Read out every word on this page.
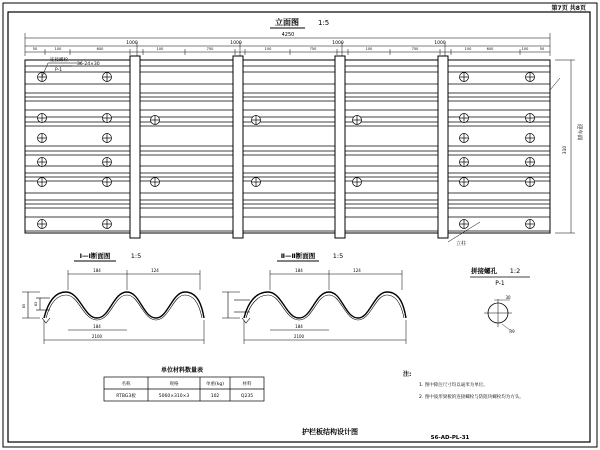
第7页 共8页
立面图	1:5
4250
1000	1000	1000	1000
50	100	600	100	750	100	750	100	750	100	600	100	50
连接螺栓
36-24×30
P-1
310
迎车面
立柱
Ⅰ—Ⅰ断面图	1:5
184	124
85 83
184
2100
Ⅱ—Ⅱ断面图	1:5
184	124
184
2100
拼接螺孔 1:2
P-1
30
R9
单位材料数量表
名称	规格	单重(kg)	材料
RTBG3板	5060×310×3	102	Q235
注:
1. 图中除注尺寸均以毫米为单位。
2. 图中波形梁板的连接螺栓与防阻块螺栓均为方头。
护栏板结构设计图
S6-AD-PL-31
